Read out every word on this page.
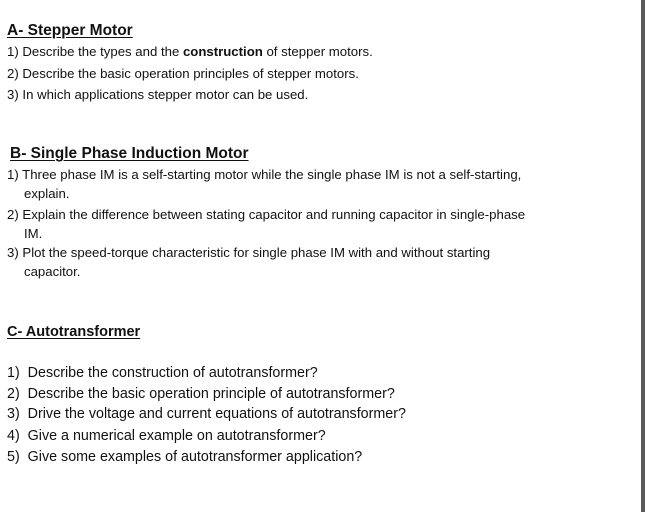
A- Stepper Motor
1) Describe the types and the construction of stepper motors.
2) Describe the basic operation principles of stepper motors.
3) In which applications stepper motor can be used.
B- Single Phase Induction Motor
1) Three phase IM is a self-starting motor while the single phase IM is not a self-starting,
explain.
2) Explain the difference between stating capacitor and running capacitor in single-phase
IM.
3) Plot the speed-torque characteristic for single phase IM with and without starting
capacitor.
C- Autotransformer
1) Describe the construction of autotransformer?
2) Describe the basic operation principle of autotransformer?
3) Drive the voltage and current equations of autotransformer?
4) Give a numerical example on autotransformer?
5) Give some examples of autotransformer application?
